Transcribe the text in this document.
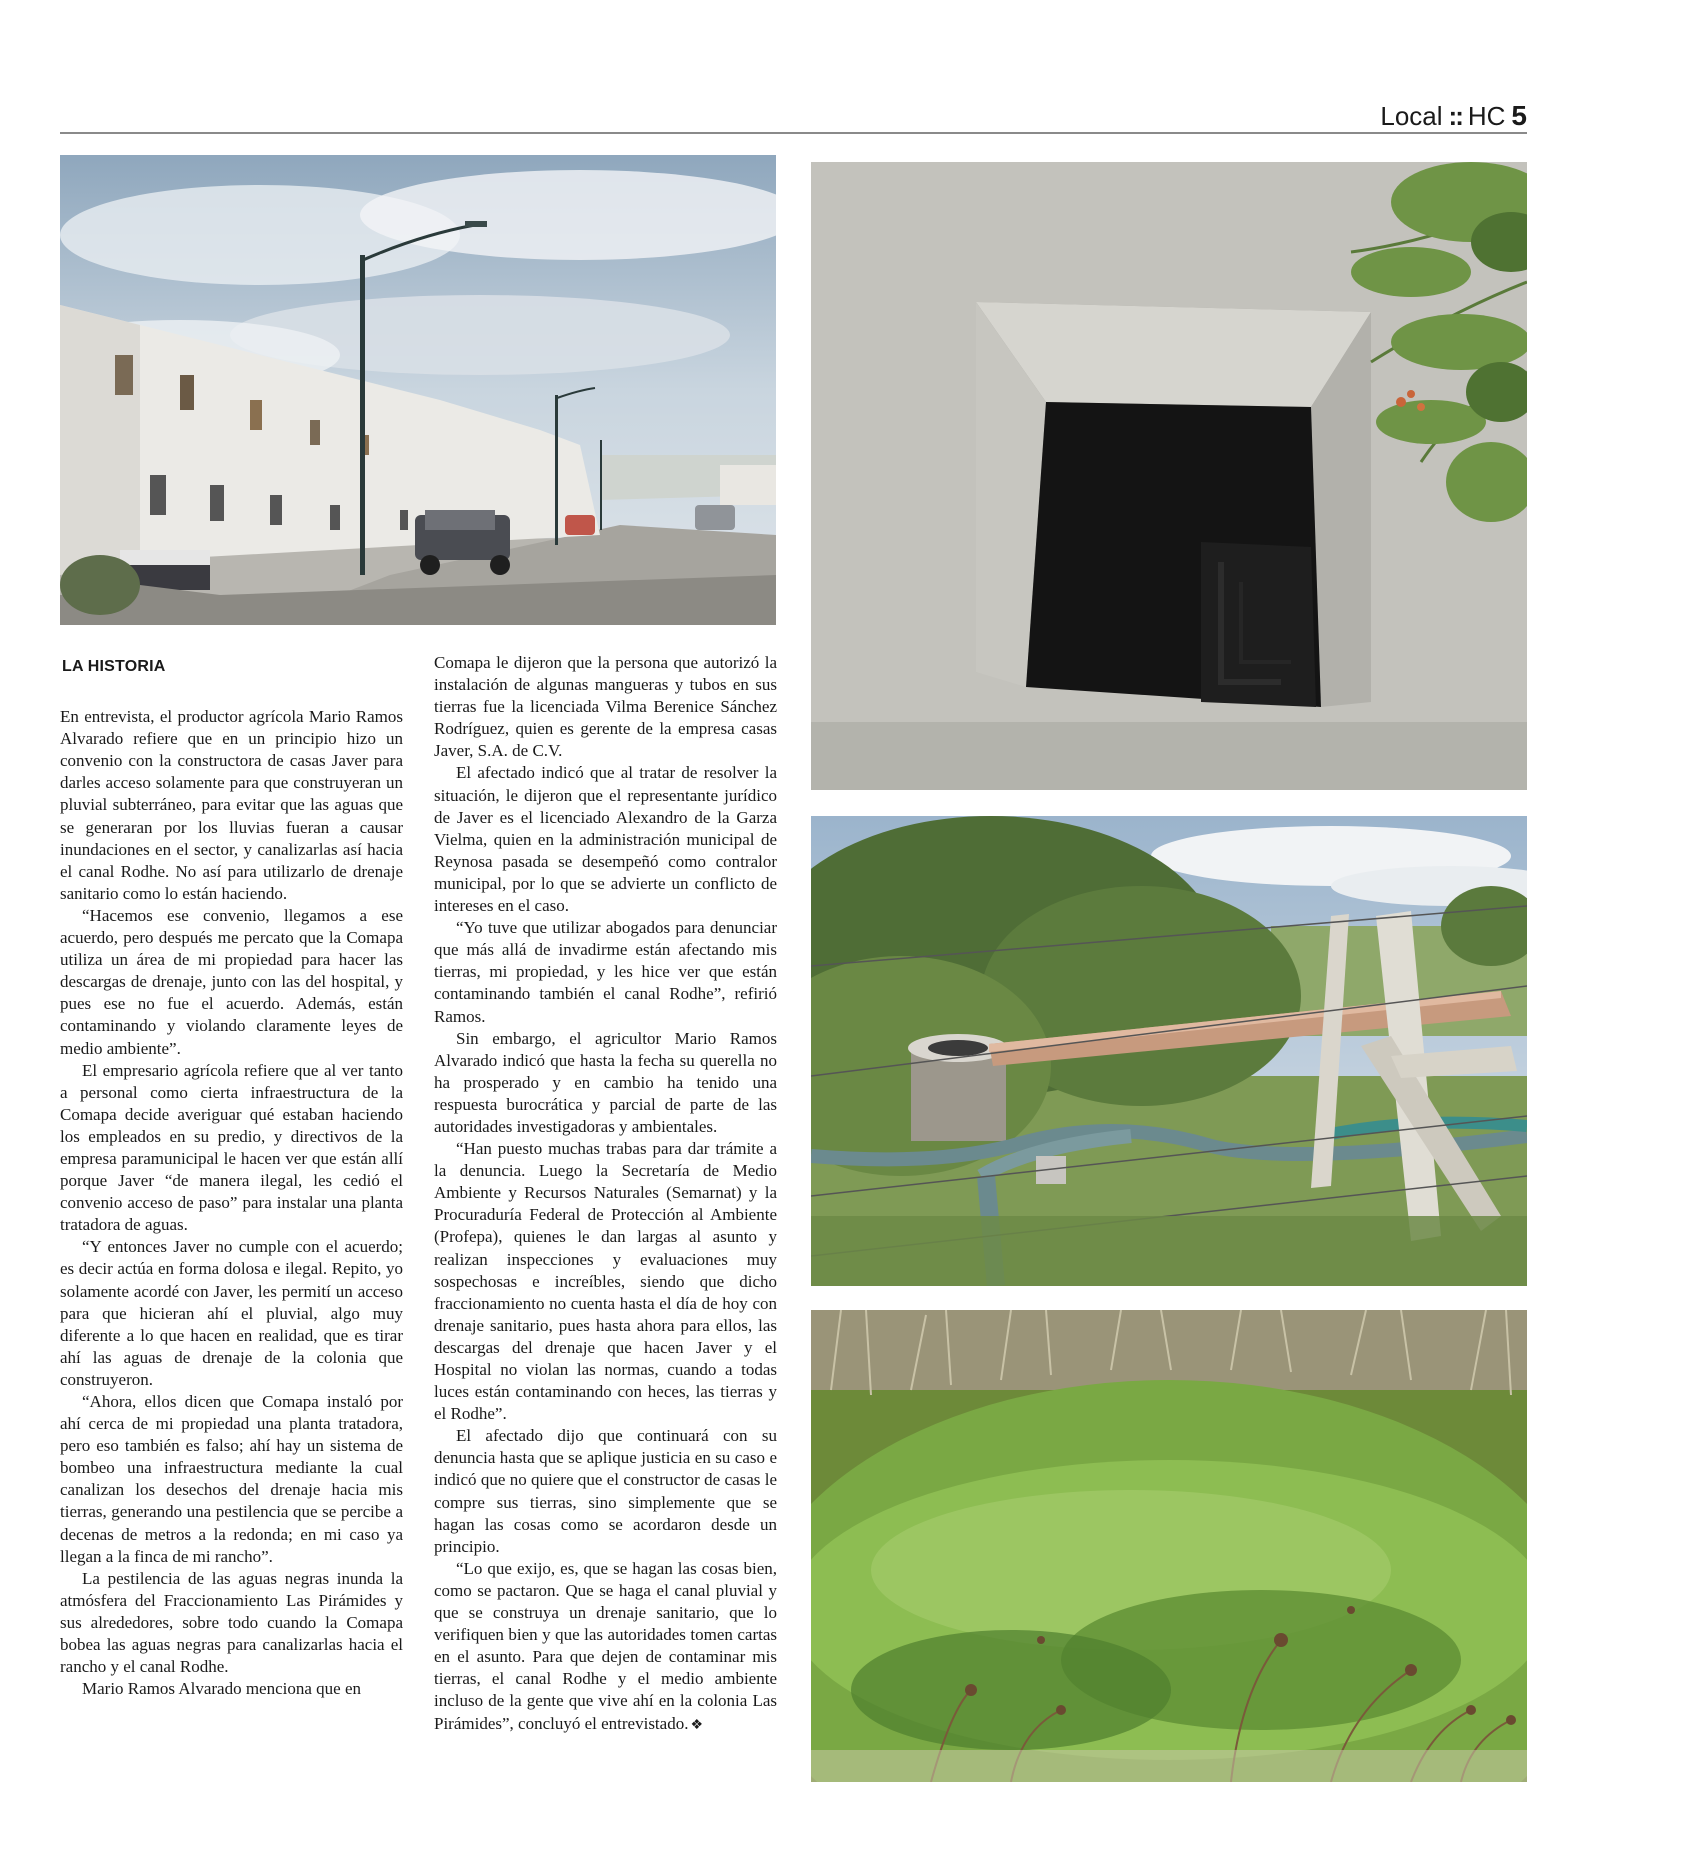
Local :: HC 5
LA HISTORIA

En entrevista, el productor agrícola Mario Ramos Alvarado refiere que en un principio hizo un convenio con la constructora de casas Javer para darles acceso solamente para que construyeran un pluvial subterráneo, para evitar que las aguas que se generaran por los lluvias fueran a causar inundaciones en el sector, y canalizarlas así hacia el canal Rodhe. No así para utilizarlo de drenaje sanitario como lo están haciendo.

“Hacemos ese convenio, llegamos a ese acuerdo, pero después me percato que la Comapa utiliza un área de mi propiedad para hacer las descargas de drenaje, junto con las del hospital, y pues ese no fue el acuerdo. Además, están contaminando y violando claramente leyes de medio ambiente”.

El empresario agrícola refiere que al ver tanto a personal como cierta infraestructura de la Comapa decide averiguar qué estaban haciendo los empleados en su predio, y directivos de la empresa paramunicipal le hacen ver que están allí porque Javer “de manera ilegal, les cedió el convenio acceso de paso” para instalar una planta tratadora de aguas.

“Y entonces Javer no cumple con el acuerdo; es decir actúa en forma dolosa e ilegal. Repito, yo solamente acordé con Javer, les permití un acceso para que hicieran ahí el pluvial, algo muy diferente a lo que hacen en realidad, que es tirar ahí las aguas de drenaje de la colonia que construyeron.

“Ahora, ellos dicen que Comapa instaló por ahí cerca de mi propiedad una planta tratadora, pero eso también es falso; ahí hay un sistema de bombeo una infraestructura mediante la cual canalizan los desechos del drenaje hacia mis tierras, generando una pestilencia que se percibe a decenas de metros a la redonda; en mi caso ya llegan a la finca de mi rancho”.

La pestilencia de las aguas negras inunda la atmósfera del Fraccionamiento Las Pirámides y sus alrededores, sobre todo cuando la Comapa bobea las aguas negras para canalizarlas hacia el rancho y el canal Rodhe.

Mario Ramos Alvarado menciona que en

Comapa le dijeron que la persona que autorizó la instalación de algunas mangueras y tubos en sus tierras fue la licenciada Vilma Berenice Sánchez Rodríguez, quien es gerente de la empresa casas Javer, S.A. de C.V.

El afectado indicó que al tratar de resolver la situación, le dijeron que el representante jurídico de Javer es el licenciado Alexandro de la Garza Vielma, quien en la administración municipal de Reynosa pasada se desempeñó como contralor municipal, por lo que se advierte un conflicto de intereses en el caso.

“Yo tuve que utilizar abogados para denunciar que más allá de invadirme están afectando mis tierras, mi propiedad, y les hice ver que están contaminando también el canal Rodhe”, refirió Ramos.

Sin embargo, el agricultor Mario Ramos Alvarado indicó que hasta la fecha su querella no ha prosperado y en cambio ha tenido una respuesta burocrática y parcial de parte de las autoridades investigadoras y ambientales.

“Han puesto muchas trabas para dar trámite a la denuncia. Luego la Secretaría de Medio Ambiente y Recursos Naturales (Semarnat) y la Procuraduría Federal de Protección al Ambiente (Profepa), quienes le dan largas al asunto y realizan inspecciones y evaluaciones muy sospechosas e increíbles, siendo que dicho fraccionamiento no cuenta hasta el día de hoy con drenaje sanitario, pues hasta ahora para ellos, las descargas del drenaje que hacen Javer y el Hospital no violan las normas, cuando a todas luces están contaminando con heces, las tierras y el Rodhe”.

El afectado dijo que continuará con su denuncia hasta que se aplique justicia en su caso e indicó que no quiere que el constructor de casas le compre sus tierras, sino simplemente que se hagan las cosas como se acordaron desde un principio.

“Lo que exijo, es, que se hagan las cosas bien, como se pactaron. Que se haga el canal pluvial y que se construya un drenaje sanitario, que lo verifiquen bien y que las autoridades tomen cartas en el asunto. Para que dejen de contaminar mis tierras, el canal Rodhe y el medio ambiente incluso de la gente que vive ahí en la colonia Las Pirámides”, concluyó el entrevistado. ❖
